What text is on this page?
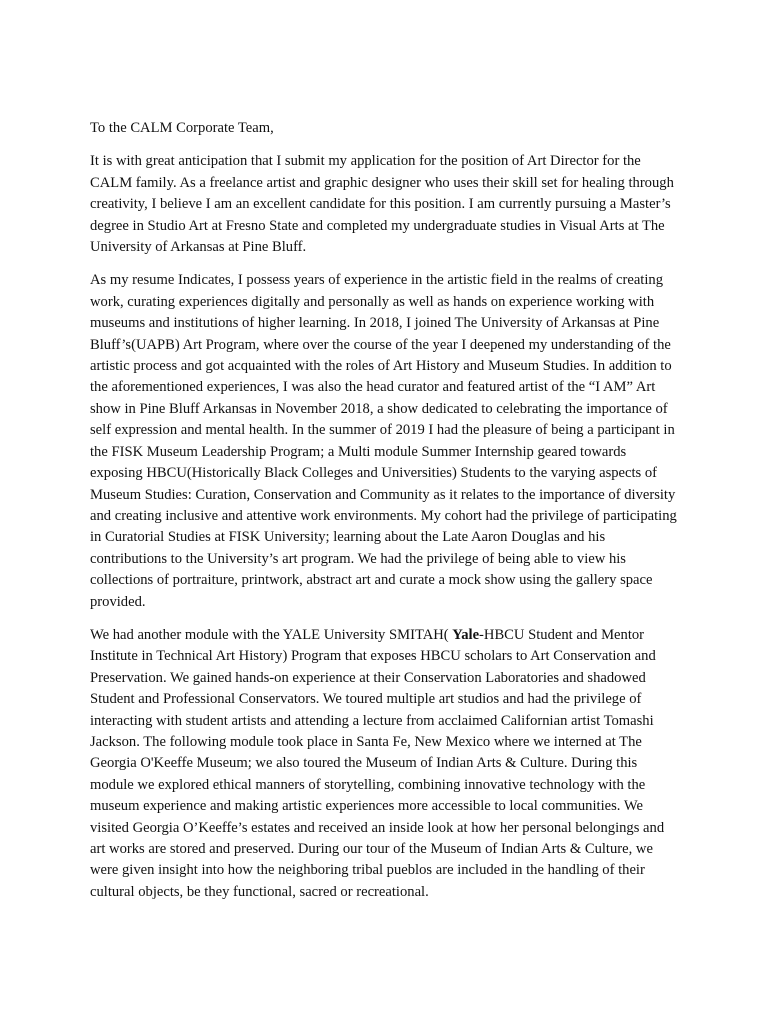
To the CALM Corporate Team,

It is with great anticipation that I submit my application for the position of Art Director for the CALM family. As a freelance artist and graphic designer who uses their skill set for healing through creativity, I believe I am an excellent candidate for this position. I am currently pursuing a Master’s degree in Studio Art at Fresno State and completed my undergraduate studies in Visual Arts at The University of Arkansas at Pine Bluff.

As my resume Indicates, I possess years of experience in the artistic field in the realms of creating work, curating experiences digitally and personally as well as hands on experience working with museums and institutions of higher learning. In 2018, I joined The University of Arkansas at Pine Bluff’s(UAPB) Art Program, where over the course of the year I deepened my understanding of the artistic process and got acquainted with the roles of Art History and Museum Studies. In addition to the aforementioned experiences, I was also the head curator and featured artist of the “I AM” Art show in Pine Bluff Arkansas in November 2018, a show dedicated to celebrating the importance of self expression and mental health. In the summer of 2019 I had the pleasure of being a participant in the FISK Museum Leadership Program; a Multi module Summer Internship geared towards exposing HBCU(Historically Black Colleges and Universities) Students to the varying aspects of Museum Studies: Curation, Conservation and Community as it relates to the importance of diversity and creating inclusive and attentive work environments. My cohort had the privilege of participating in Curatorial Studies at FISK University; learning about the Late Aaron Douglas and his contributions to the University’s art program. We had the privilege of being able to view his collections of portraiture, printwork, abstract art and curate a mock show using the gallery space provided.

We had another module with the YALE University SMITAH( Yale-HBCU Student and Mentor Institute in Technical Art History) Program that exposes HBCU scholars to Art Conservation and Preservation. We gained hands-on experience at their Conservation Laboratories and shadowed Student and Professional Conservators. We toured multiple art studios and had the privilege of interacting with student artists and attending a lecture from acclaimed Californian artist Tomashi Jackson. The following module took place in Santa Fe, New Mexico where we interned at The Georgia O'Keeffe Museum; we also toured the Museum of Indian Arts & Culture. During this module we explored ethical manners of storytelling, combining innovative technology with the museum experience and making artistic experiences more accessible to local communities. We visited Georgia O’Keeffe’s estates and received an inside look at how her personal belongings and art works are stored and preserved. During our tour of the Museum of Indian Arts & Culture, we were given insight into how the neighboring tribal pueblos are included in the handling of their cultural objects, be they functional, sacred or recreational.
